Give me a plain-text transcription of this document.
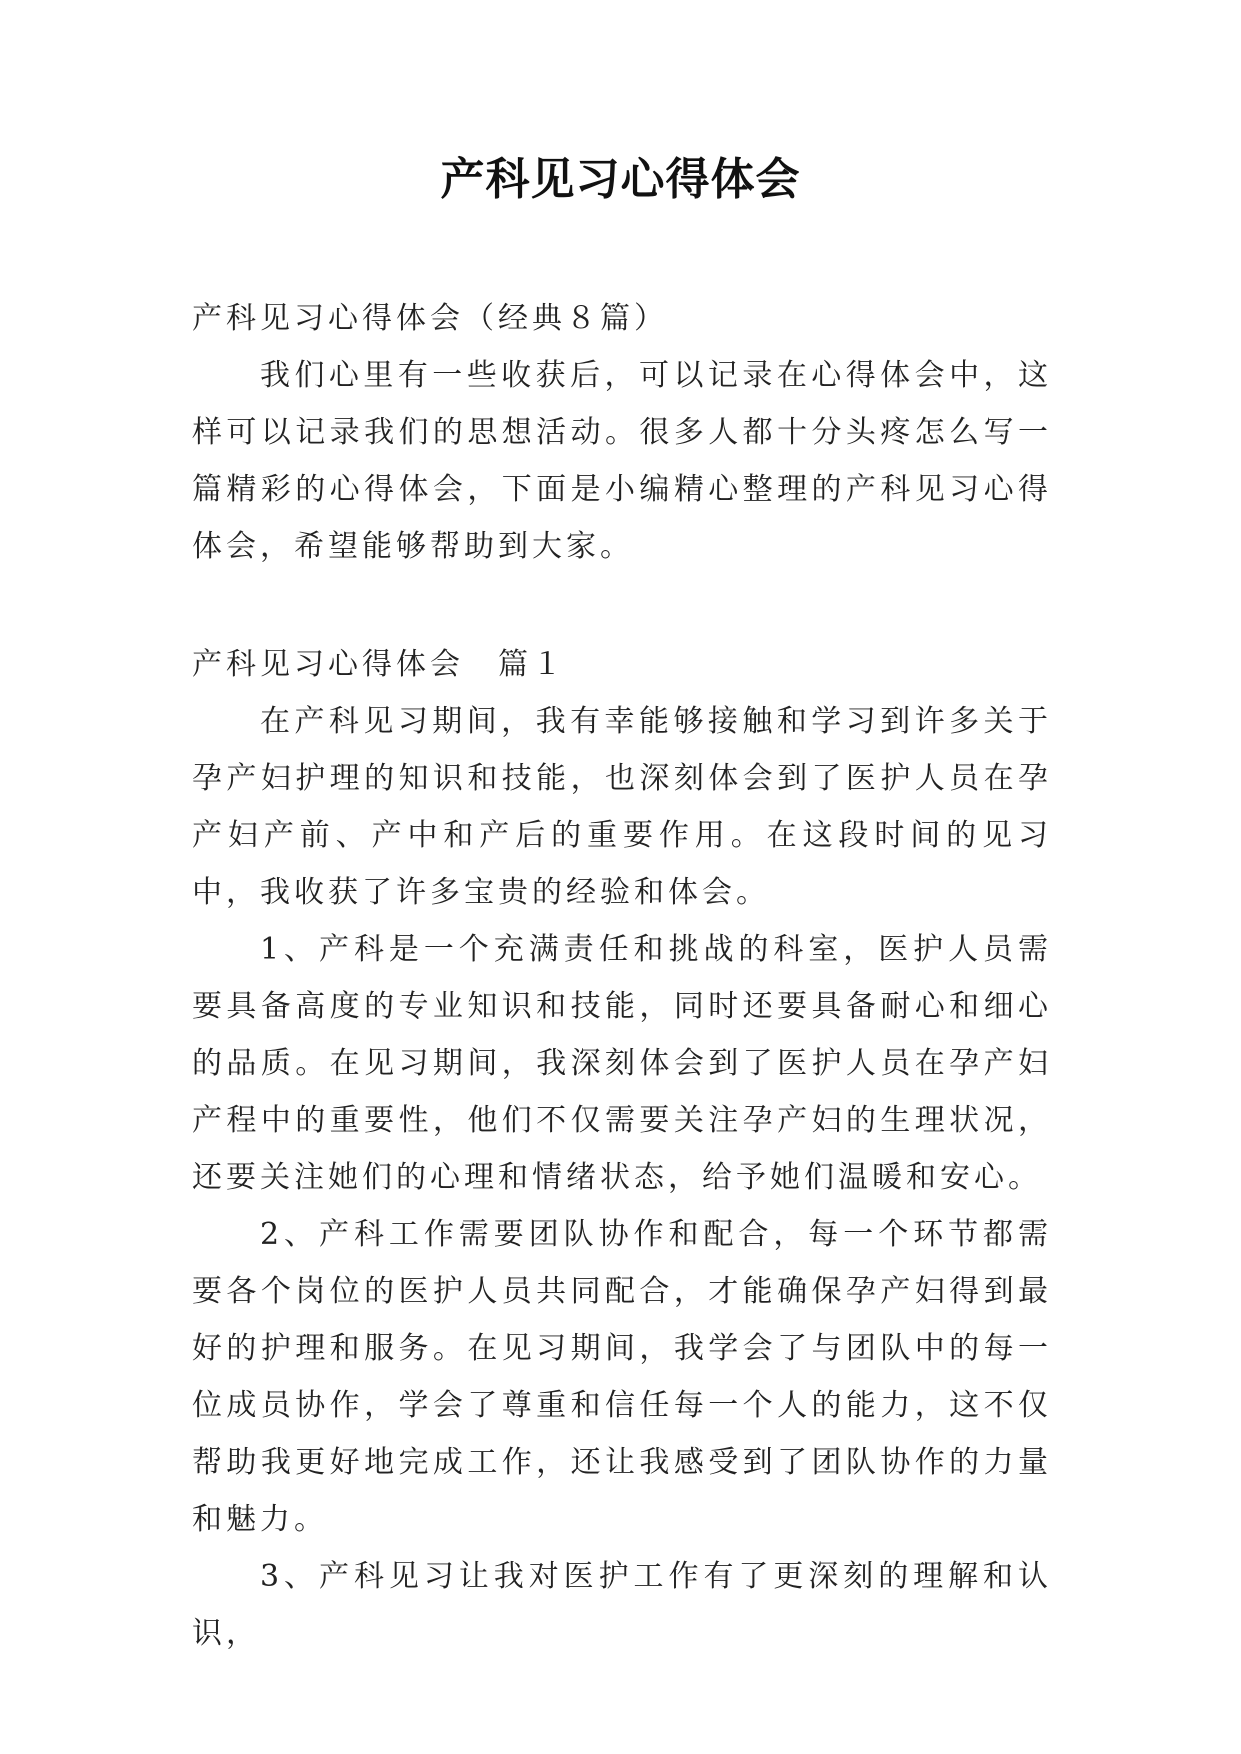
产科见习心得体会
产科见习心得体会（经典８篇）
我们心里有一些收获后，可以记录在心得体会中，这样可以记录我们的思想活动。很多人都十分头疼怎么写一篇精彩的心得体会，下面是小编精心整理的产科见习心得体会，希望能够帮助到大家。
产科见习心得体会　篇１

在产科见习期间，我有幸能够接触和学习到许多关于孕产妇护理的知识和技能，也深刻体会到了医护人员在孕产妇产前、产中和产后的重要作用。在这段时间的见习中，我收获了许多宝贵的经验和体会。

1、产科是一个充满责任和挑战的科室，医护人员需要具备高度的专业知识和技能，同时还要具备耐心和细心的品质。在见习期间，我深刻体会到了医护人员在孕产妇产程中的重要性，他们不仅需要关注孕产妇的生理状况，还要关注她们的心理和情绪状态，给予她们温暖和安心。

2、产科工作需要团队协作和配合，每一个环节都需要各个岗位的医护人员共同配合，才能确保孕产妇得到最好的护理和服务。在见习期间，我学会了与团队中的每一位成员协作，学会了尊重和信任每一个人的能力，这不仅帮助我更好地完成工作，还让我感受到了团队协作的力量和魅力。

3、产科见习让我对医护工作有了更深刻的理解和认识，
